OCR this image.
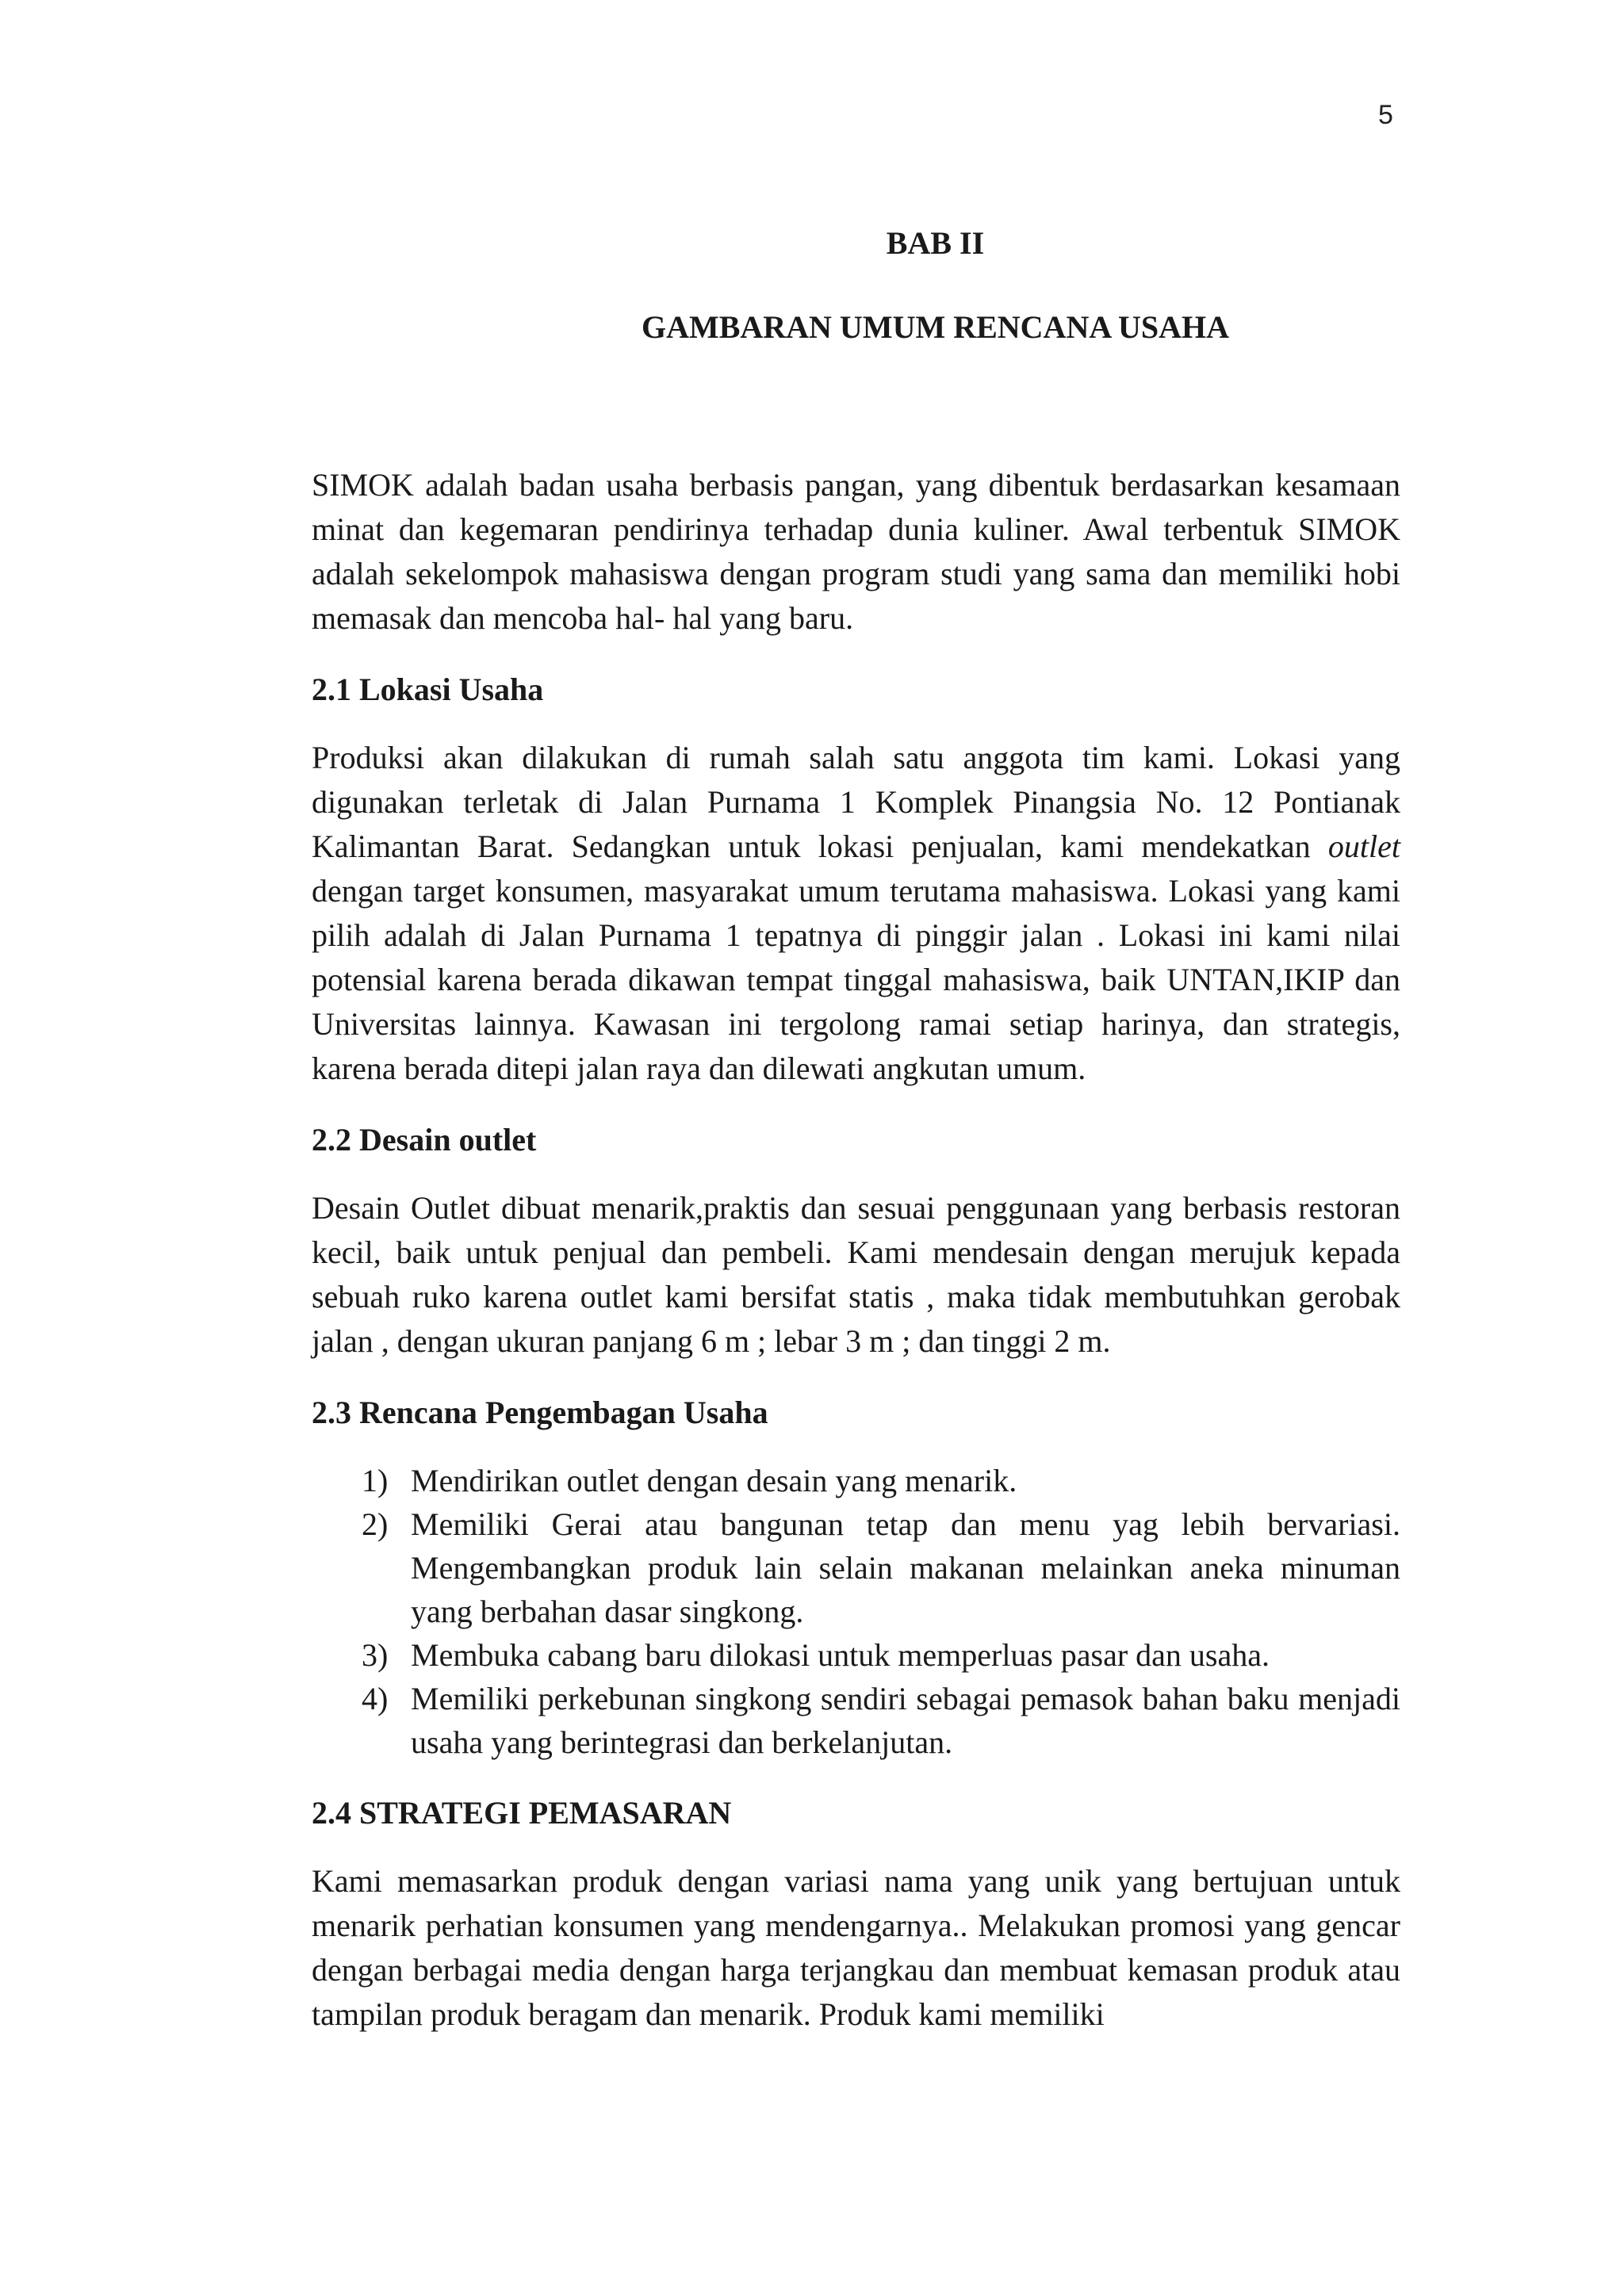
5
BAB II
GAMBARAN UMUM RENCANA USAHA

SIMOK adalah badan usaha berbasis pangan, yang dibentuk berdasarkan kesamaan minat dan kegemaran pendirinya terhadap dunia kuliner. Awal terbentuk SIMOK adalah sekelompok mahasiswa dengan program studi yang sama dan memiliki hobi memasak dan mencoba hal- hal yang baru.

2.1 Lokasi Usaha

Produksi akan dilakukan di rumah salah satu anggota tim kami. Lokasi yang digunakan terletak di Jalan Purnama 1 Komplek Pinangsia No. 12 Pontianak Kalimantan Barat. Sedangkan untuk lokasi penjualan, kami mendekatkan outlet dengan target konsumen, masyarakat umum terutama mahasiswa. Lokasi yang kami pilih adalah di Jalan Purnama 1 tepatnya di pinggir jalan . Lokasi ini kami nilai potensial karena berada dikawan tempat tinggal mahasiswa, baik UNTAN,IKIP dan Universitas lainnya. Kawasan ini tergolong ramai setiap harinya, dan strategis, karena berada ditepi jalan raya dan dilewati angkutan umum.

2.2 Desain outlet

Desain Outlet dibuat menarik,praktis dan sesuai penggunaan yang berbasis restoran kecil, baik untuk penjual dan pembeli. Kami mendesain dengan merujuk kepada sebuah ruko karena outlet kami bersifat statis , maka tidak membutuhkan gerobak jalan , dengan ukuran panjang 6 m ; lebar 3 m ; dan tinggi 2 m.

2.3 Rencana Pengembagan Usaha
1) Mendirikan outlet dengan desain yang menarik.
2) Memiliki Gerai atau bangunan tetap dan menu yag lebih bervariasi. Mengembangkan produk lain selain makanan melainkan aneka minuman yang berbahan dasar singkong.
3) Membuka cabang baru dilokasi untuk memperluas pasar dan usaha.
4) Memiliki perkebunan singkong sendiri sebagai pemasok bahan baku menjadi usaha yang berintegrasi dan berkelanjutan.
2.4 STRATEGI PEMASARAN

Kami memasarkan produk dengan variasi nama yang unik yang bertujuan untuk menarik perhatian konsumen yang mendengarnya.. Melakukan promosi yang gencar dengan berbagai media dengan harga terjangkau dan membuat kemasan produk atau tampilan produk beragam dan menarik. Produk kami memiliki
